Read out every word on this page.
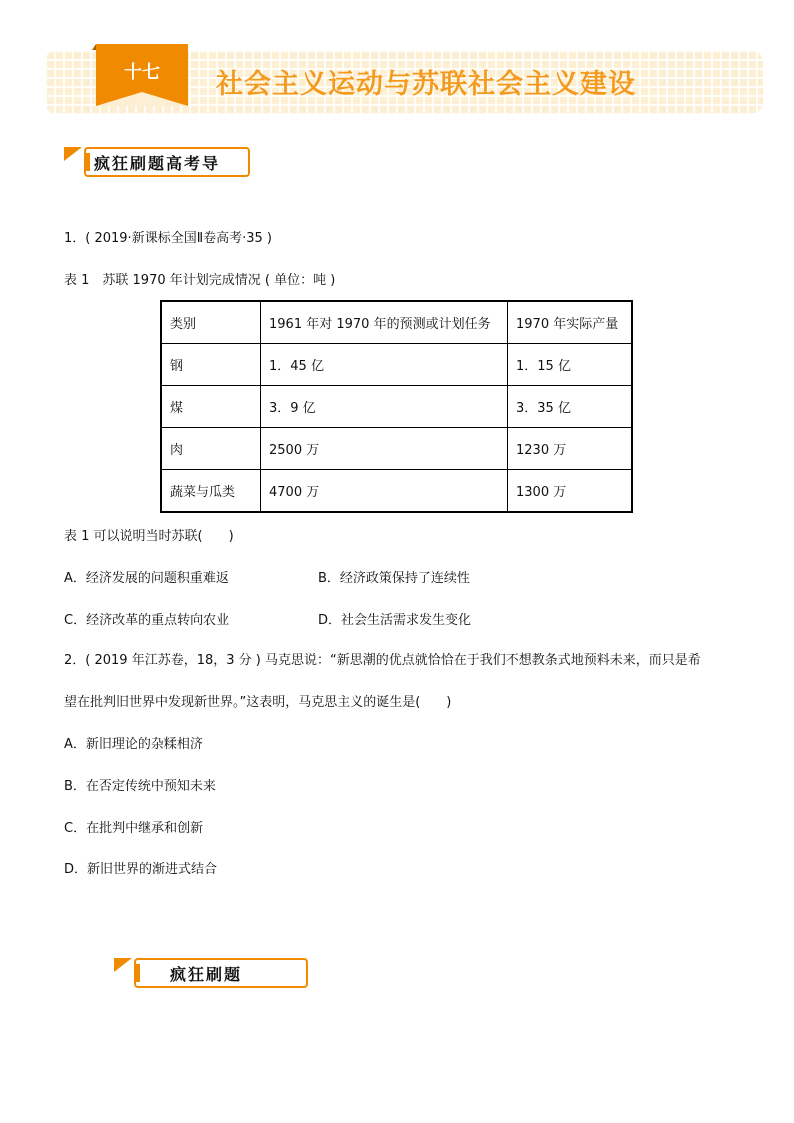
十七	社会主义运动与苏联社会主义建设
疯狂刷题高考导
1．( 2019·新课标全国Ⅱ卷高考·35 )
表 1　苏联 1970 年计划完成情况 ( 单位：吨 )
类别	1961 年对 1970 年的预测或计划任务	1970 年实际产量
钢	1．45 亿	1．15 亿
煤	3．9 亿	3．35 亿
肉	2500 万	1230 万
蔬菜与瓜类	4700 万	1300 万
表 1 可以说明当时苏联(　　)
A．经济发展的问题积重难返	B．经济政策保持了连续性
C．经济改革的重点转向农业	D．社会生活需求发生变化
2．( 2019 年江苏卷，18，3 分 ) 马克思说：“新思潮的优点就恰恰在于我们不想教条式地预料未来，而只是希
望在批判旧世界中发现新世界。”这表明，马克思主义的诞生是(　　)
A．新旧理论的杂糅相济
B．在否定传统中预知未来
C．在批判中继承和创新
D．新旧世界的渐进式结合
疯狂刷题
